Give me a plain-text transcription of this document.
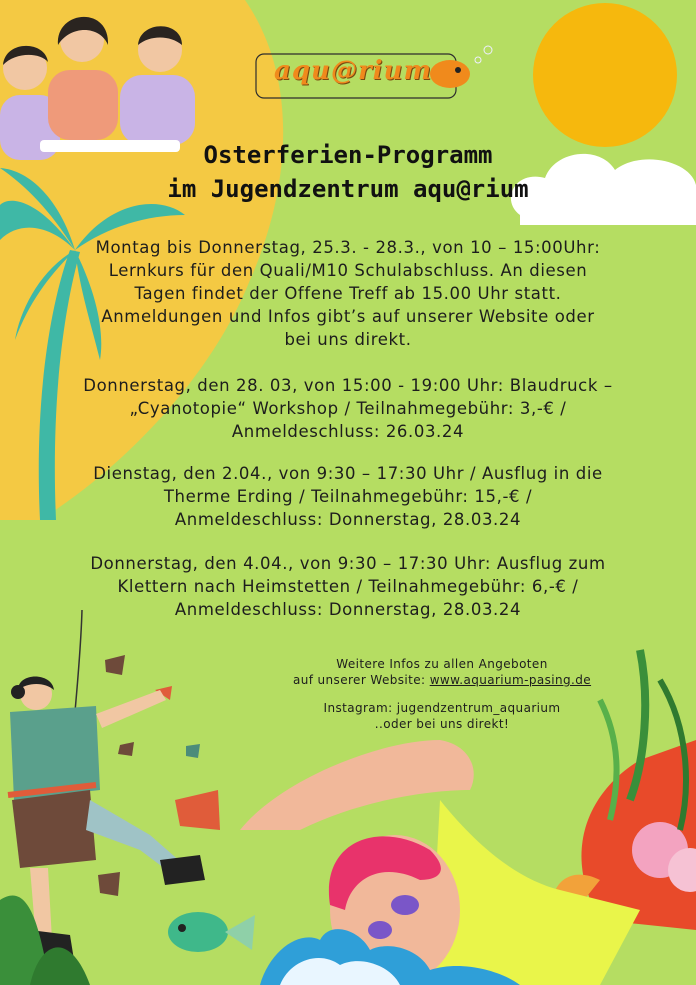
aqu@rium
Osterferien-Programm
im Jugendzentrum aqu@rium
Montag bis Donnerstag, 25.3. - 28.3., von 10 – 15:00Uhr:
Lernkurs für den Quali/M10 Schulabschluss. An diesen
Tagen findet der Offene Treff ab 15.00 Uhr statt.
Anmeldungen und Infos gibt’s auf unserer Website oder
bei uns direkt.
Donnerstag, den 28. 03, von 15:00 - 19:00 Uhr: Blaudruck –
„Cyanotopie“ Workshop / Teilnahmegebühr: 3,-€ /
Anmeldeschluss: 26.03.24
Dienstag, den 2.04., von 9:30 – 17:30 Uhr / Ausflug in die
Therme Erding / Teilnahmegebühr: 15,-€ /
Anmeldeschluss: Donnerstag, 28.03.24
Donnerstag, den 4.04., von 9:30 – 17:30 Uhr: Ausflug zum
Klettern nach Heimstetten / Teilnahmegebühr: 6,-€ /
Anmeldeschluss: Donnerstag, 28.03.24
Weitere Infos zu allen Angeboten
auf unserer Website: www.aquarium-pasing.de
Instagram: jugendzentrum_aquarium
..oder bei uns direkt!
